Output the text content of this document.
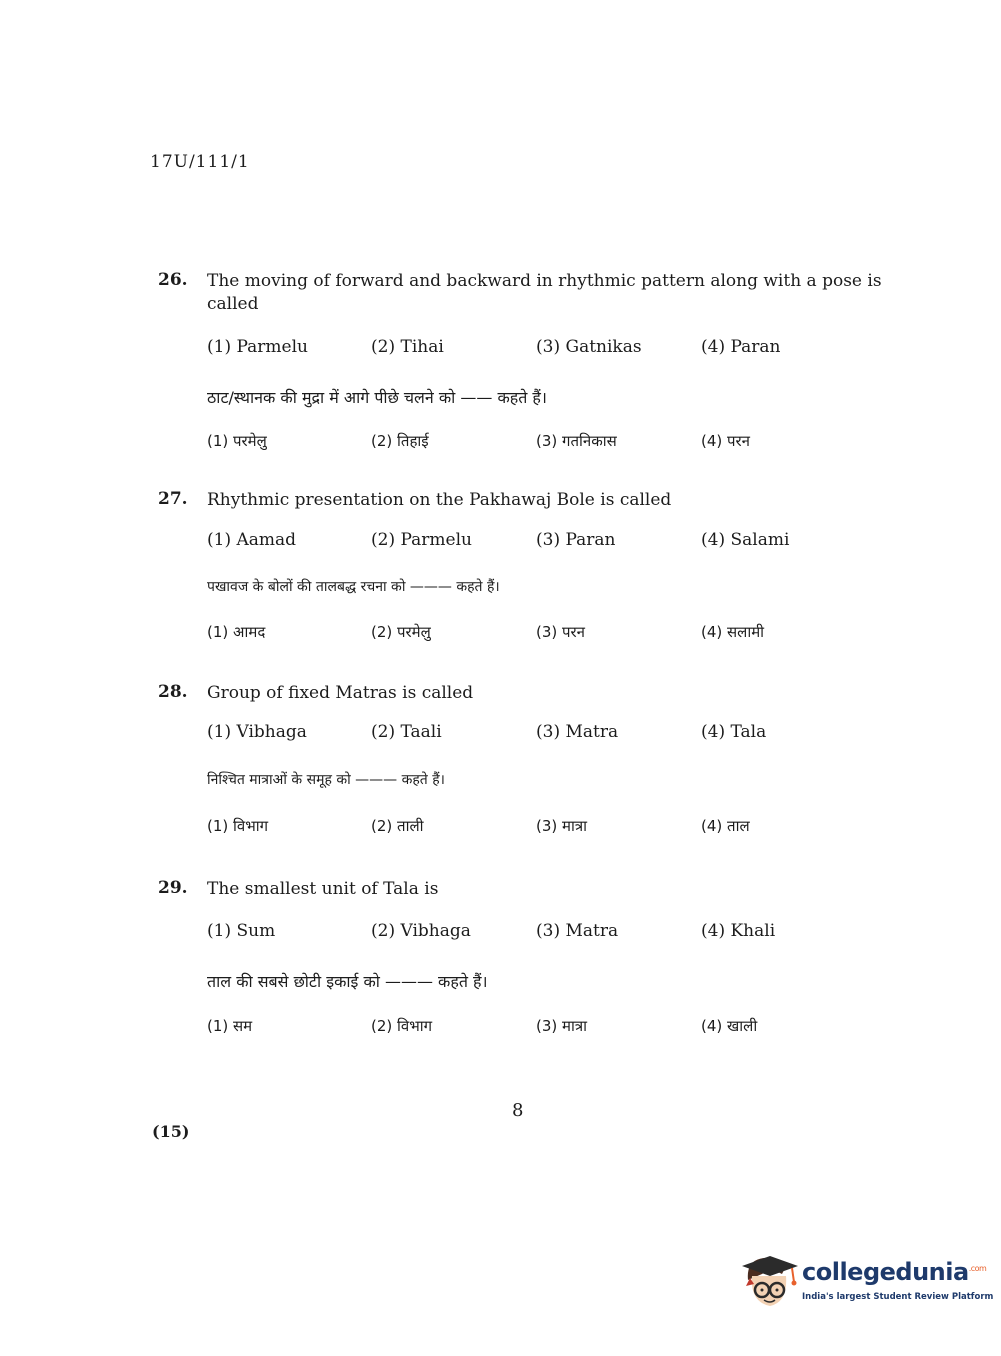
17U/111/1
26. The moving of forward and backward in rhythmic pattern along with a pose is called
(1) Parmelu	(2) Tihai	(3) Gatnikas	(4) Paran
ठाट/स्थानक की मुद्रा में आगे पीछे चलने को —— कहते हैं।
(1) परमेलु	(2) तिहाई	(3) गतनिकास	(4) परन
27. Rhythmic presentation on the Pakhawaj Bole is called
(1) Aamad	(2) Parmelu	(3) Paran	(4) Salami
पखावज के बोलों की तालबद्ध रचना को ——— कहते हैं।
(1) आमद	(2) परमेलु	(3) परन	(4) सलामी
28. Group of fixed Matras is called
(1) Vibhaga	(2) Taali	(3) Matra	(4) Tala
निश्चित मात्राओं के समूह को ——— कहते हैं।
(1) विभाग	(2) ताली	(3) मात्रा	(4) ताल
29. The smallest unit of Tala is
(1) Sum	(2) Vibhaga	(3) Matra	(4) Khali
ताल की सबसे छोटी इकाई को ——— कहते हैं।
(1) सम	(2) विभाग	(3) मात्रा	(4) खाली
8
(15)
collegedunia$^{.com}$
India's largest Student Review Platform
